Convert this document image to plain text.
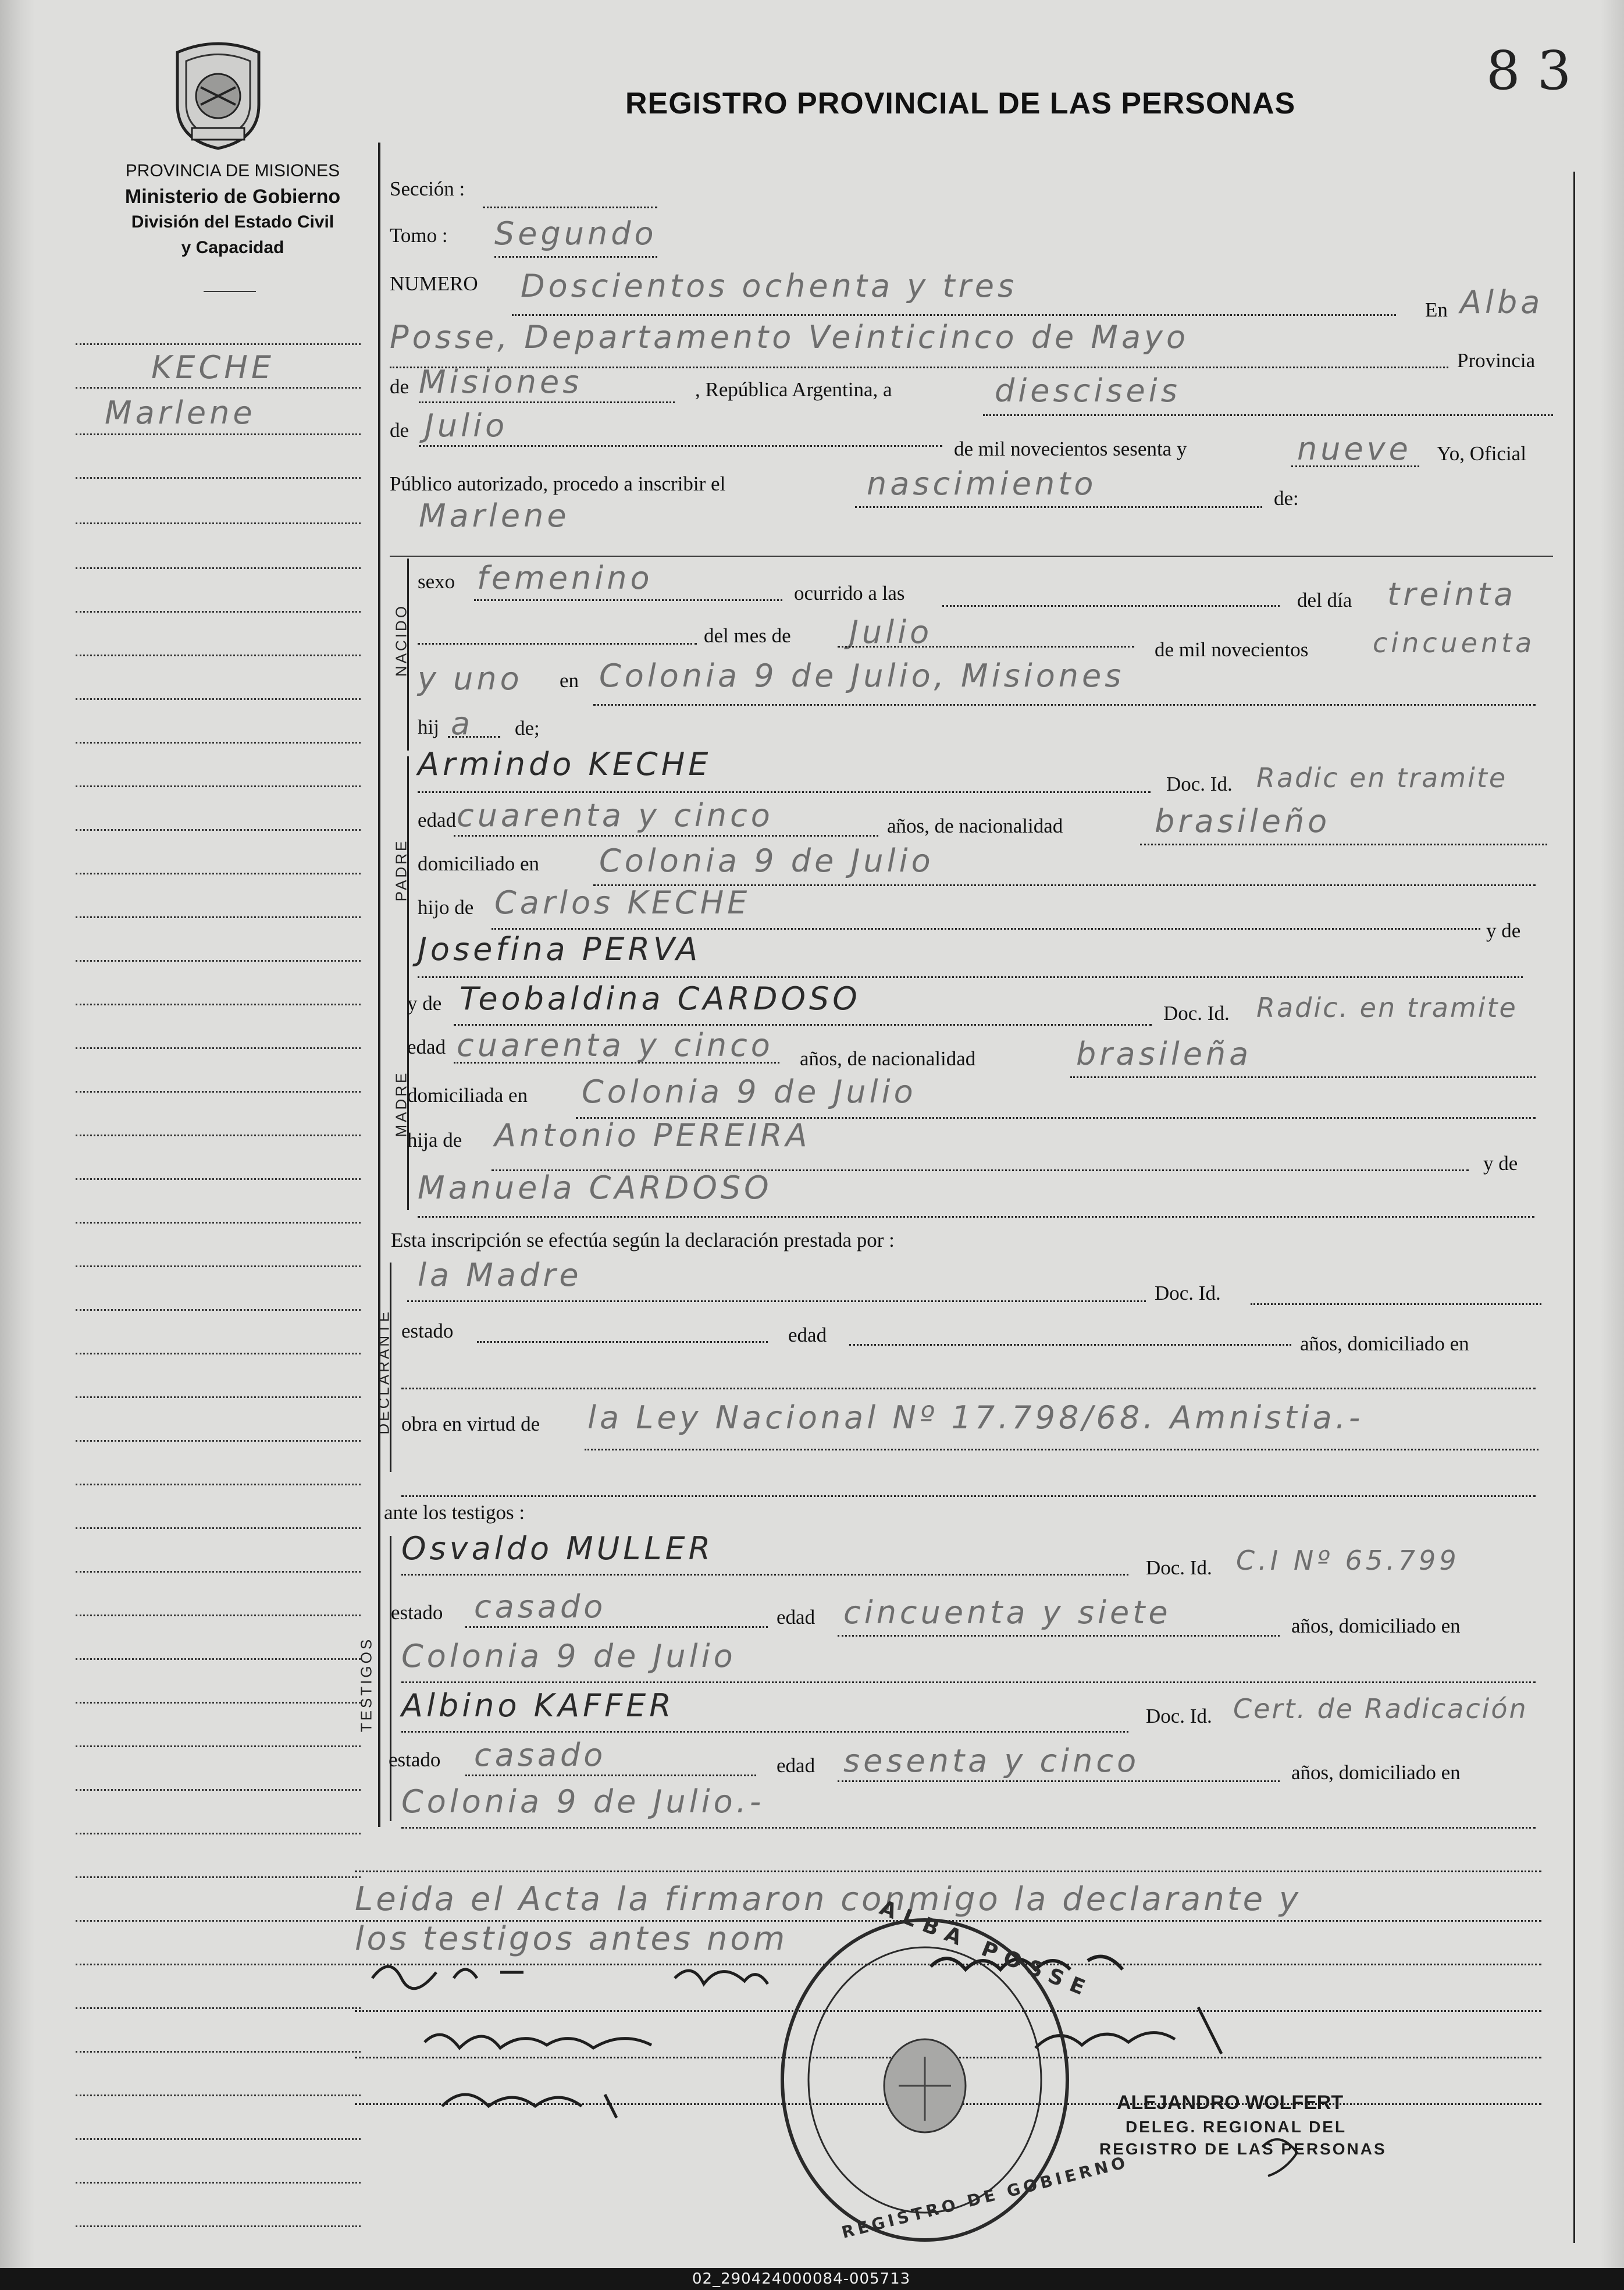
8 3
REGISTRO PROVINCIAL DE LAS PERSONAS
PROVINCIA DE MISIONES
Ministerio de Gobierno
División del Estado Civil
y Capacidad
KECHE
Marlene
Sección :
Tomo : Segundo
NUMERO Doscientos ochenta y tres
En Alba
Posse, Departamento Veinticinco de Mayo
Provincia
de Misiones	, República Argentina, a	diesciseis
de Julio
de mil novecientos sesenta y	nueve Yo, Oficial
Público autorizado, procedo a inscribir el	nascimiento	de:
Marlene
NACIDO
sexo femenino	ocurrido a las	del día treinta
del mes de Julio	de mil novecientos cincuenta
y uno en Colonia 9 de Julio, Misiones
hij a de;
PADRE
Armindo KECHE
Doc. Id. Radic en tramite
edad cuarenta y cinco	años, de nacionalidad	brasileño
domiciliado en Colonia 9 de Julio
hijo de Carlos KECHE
y de
Josefina PERVA
MADRE
y de Teobaldina CARDOSO	Doc. Id. Radic. en tramite
edad cuarenta y cinco años, de nacionalidad	brasileña
domiciliada en Colonia 9 de Julio
hija de Antonio PEREIRA
y de
Manuela CARDOSO
Esta inscripción se efectúa según la declaración prestada por :
DECLARANTE
la Madre	Doc. Id.
estado	edad	años, domiciliado en
obra en virtud de la Ley Nacional Nº 17.798/68. Amnistia.-
ante los testigos :
TESTIGOS
Osvaldo MULLER
Doc. Id. C.I Nº 65.799
estado casado	edad cincuenta y siete	años, domiciliado en
Colonia 9 de Julio
Albino KAFFER	Doc. Id. Cert. de Radicación
estado casado	edad sesenta y cinco	años, domiciliado en
Colonia 9 de Julio.-
Leida el Acta la firmaron conmigo la declarante y
los testigos antes nom	ALBA POSSE
REGISTRO DE GOBIERNO
ALEJANDRO WOLFERT
DELEG. REGIONAL DEL
REGISTRO DE LAS PERSONAS
02_290424000084-005713
